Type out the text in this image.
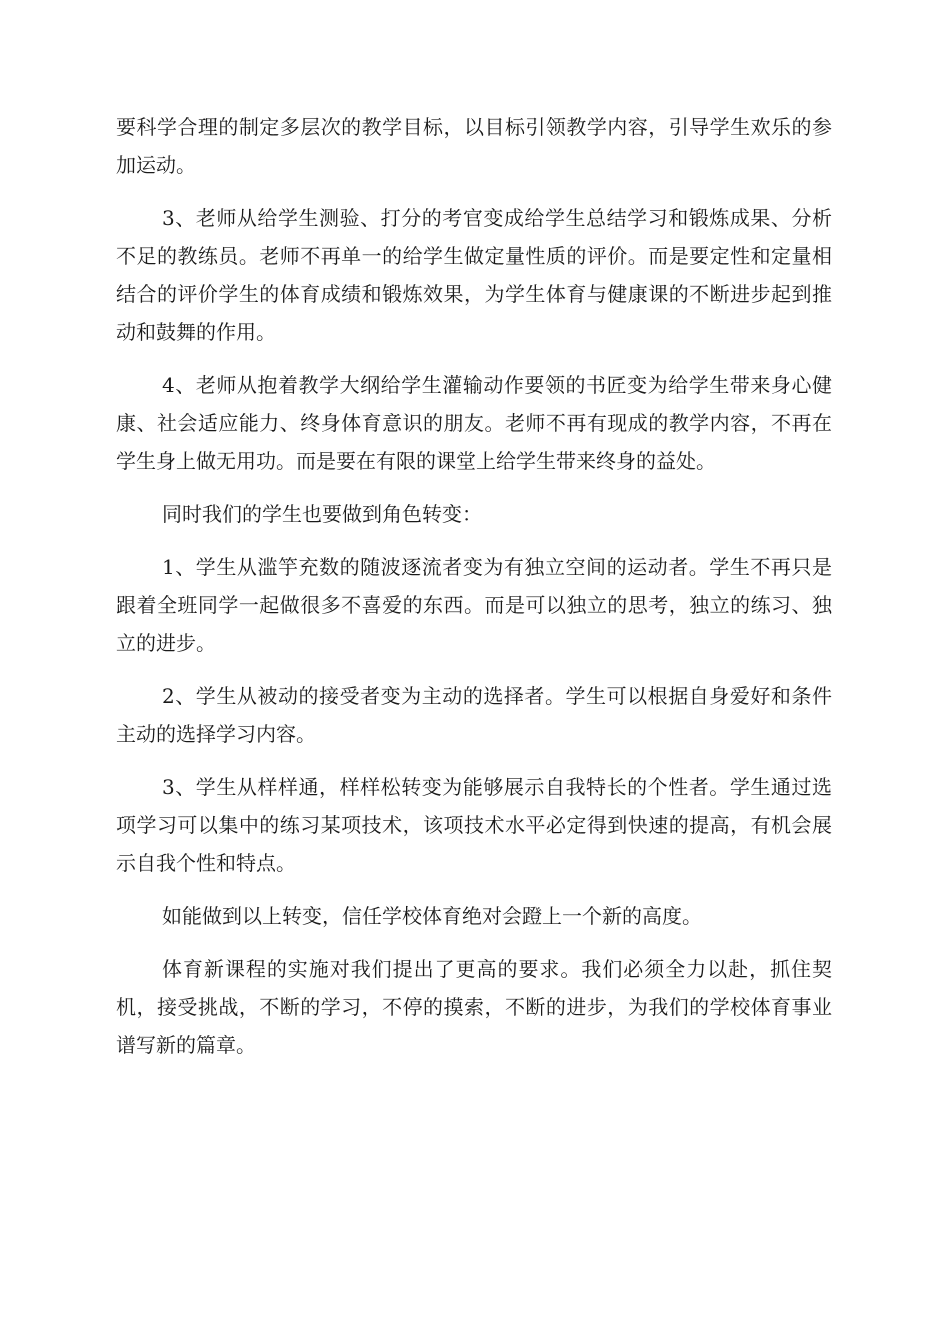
要科学合理的制定多层次的教学目标，以目标引领教学内容，引导学生欢乐的参加运动。

3、老师从给学生测验、打分的考官变成给学生总结学习和锻炼成果、分析不足的教练员。老师不再单一的给学生做定量性质的评价。而是要定性和定量相结合的评价学生的体育成绩和锻炼效果，为学生体育与健康课的不断进步起到推动和鼓舞的作用。

4、老师从抱着教学大纲给学生灌输动作要领的书匠变为给学生带来身心健康、社会适应能力、终身体育意识的朋友。老师不再有现成的教学内容，不再在学生身上做无用功。而是要在有限的课堂上给学生带来终身的益处。

同时我们的学生也要做到角色转变：

1、学生从滥竽充数的随波逐流者变为有独立空间的运动者。学生不再只是跟着全班同学一起做很多不喜爱的东西。而是可以独立的思考，独立的练习、独立的进步。

2、学生从被动的接受者变为主动的选择者。学生可以根据自身爱好和条件主动的选择学习内容。

3、学生从样样通，样样松转变为能够展示自我特长的个性者。学生通过选项学习可以集中的练习某项技术，该项技术水平必定得到快速的提高，有机会展示自我个性和特点。

如能做到以上转变，信任学校体育绝对会蹬上一个新的高度。

体育新课程的实施对我们提出了更高的要求。我们必须全力以赴，抓住契机，接受挑战，不断的学习，不停的摸索，不断的进步，为我们的学校体育事业谱写新的篇章。
